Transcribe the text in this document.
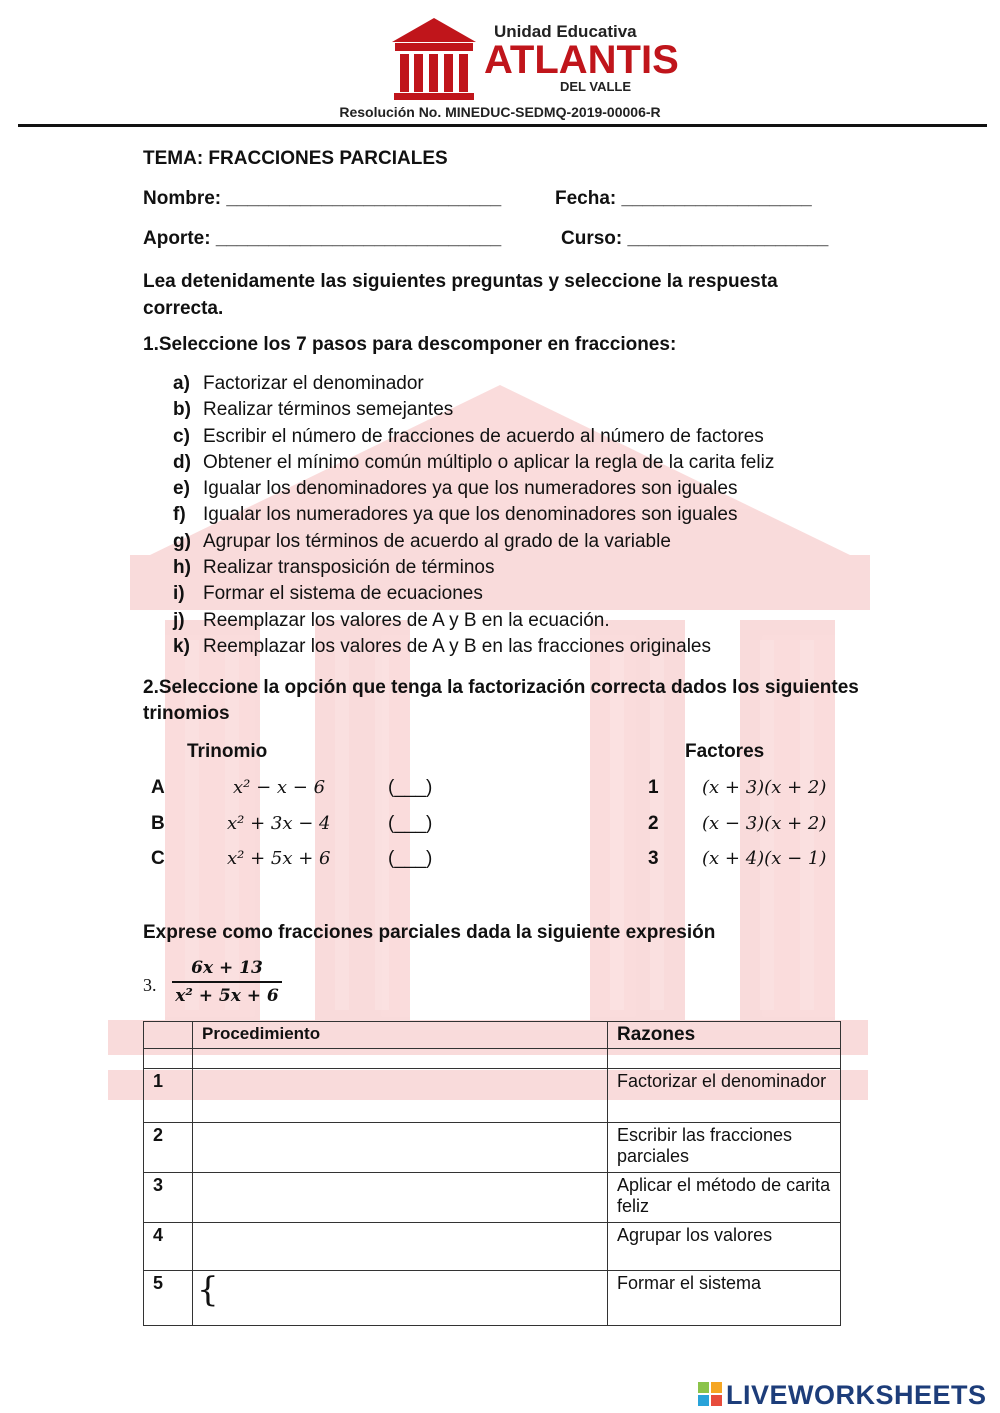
Unidad Educativa
ATLANTIS
DEL VALLE
Resolución No. MINEDUC-SEDMQ-2019-00006-R
TEMA: FRACCIONES PARCIALES
Nombre: __________________________	Fecha: __________________
Aporte: ___________________________	Curso: ___________________
Lea detenidamente las siguientes preguntas y seleccione la respuesta correcta.
1.Seleccione los 7 pasos para descomponer en fracciones:
a) Factorizar el denominador
b) Realizar términos semejantes
c) Escribir el número de fracciones de acuerdo al número de factores
d) Obtener el mínimo común múltiplo o aplicar la regla de la carita feliz
e) Igualar los denominadores ya que los numeradores son iguales
f) Igualar los numeradores ya que los denominadores son iguales
g) Agrupar los términos de acuerdo al grado de la variable
h) Realizar transposición de términos
i) Formar el sistema de ecuaciones
j) Reemplazar los valores de A y B en la ecuación.
k) Reemplazar los valores de A y B en las fracciones originales
2.Seleccione la opción que tenga la factorización correcta dados los siguientes trinomios
Trinomio	Factores
A	x² − x − 6	(___)	1 (x + 3)(x + 2)
B	x² + 3x − 4	(___)	2 (x − 3)(x + 2)
C	x² + 5x + 6	(___)	3 (x + 4)(x − 1)
Exprese como fracciones parciales dada la siguiente expresión
3. $\frac{6x + 13}{\text{x² + 5x + 6}}$
	Procedimiento	Razones

1		Factorizar el denominador
2		Escribir las fracciones parciales
3		Aplicar el método de carita feliz
4		Agrupar los valores
5	{	Formar el sistema
LIVEWORKSHEETS
